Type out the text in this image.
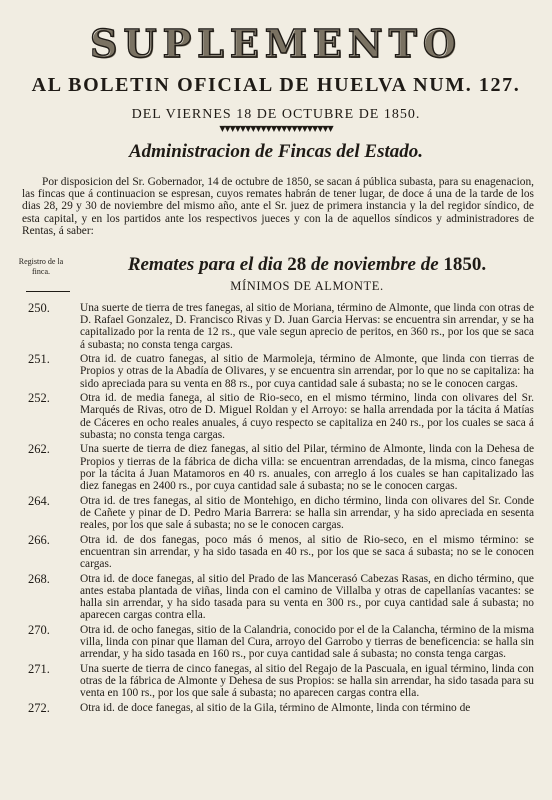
SUPLEMENTO
AL BOLETIN OFICIAL DE HUELVA NUM. 127.
DEL VIERNES 18 DE OCTUBRE DE 1850.
▼▼▼▼▼▼▼▼▼▼▼▼▼▼▼▼▼▼▼▼▼▼
Administracion de Fincas del Estado.
Por disposicion del Sr. Gobernador, 14 de octubre de 1850, se sacan á pública subasta, para su enagenacion, las fincas que á continuacion se espresan, cuyos remates habrán de tener lugar, de doce á una de la tarde de los dias 28, 29 y 30 de noviembre del mismo año, ante el Sr. juez de primera instancia y la del regidor síndico, de esta capital, y en los partidos ante los respectivos jueces y con la de aquellos síndicos y administradores de Rentas, á saber:
Registro de la finca.	Remates para el dia 28 de noviembre de 1850.
MÍNIMOS DE ALMONTE.
250.	Una suerte de tierra de tres fanegas, al sitio de Moriana, término de Almonte, que linda con otras de D. Rafael Gonzalez, D. Francisco Rivas y D. Juan Garcia Hervas: se encuentra sin arrendar, y se ha capitalizado por la renta de 12 rs., que vale segun aprecio de peritos, en 360 rs., por los que se saca á subasta; no consta tenga cargas.
251.	Otra id. de cuatro fanegas, al sitio de Marmoleja, término de Almonte, que linda con tierras de Propios y otras de la Abadía de Olivares, y se encuentra sin arrendar, por lo que no se capitaliza: ha sido apreciada para su venta en 88 rs., por cuya cantidad sale á subasta; no se le conocen cargas.
252.	Otra id. de media fanega, al sitio de Rio-seco, en el mismo término, linda con olivares del Sr. Marqués de Rivas, otro de D. Miguel Roldan y el Arroyo: se halla arrendada por la tácita á Matías de Cáceres en ocho reales anuales, á cuyo respecto se capitaliza en 240 rs., por los cuales se saca á subasta; no consta tenga cargas.
262.	Una suerte de tierra de diez fanegas, al sitio del Pilar, término de Almonte, linda con la Dehesa de Propios y tierras de la fábrica de dicha villa: se encuentran arrendadas, de la misma, cinco fanegas por la tácita á Juan Matamoros en 40 rs. anuales, con arreglo á los cuales se han capitalizado las diez fanegas en 2400 rs., por cuya cantidad sale á subasta; no se le conocen cargas.
264.	Otra id. de tres fanegas, al sitio de Montehigo, en dicho término, linda con olivares del Sr. Conde de Cañete y pinar de D. Pedro Maria Barrera: se halla sin arrendar, y ha sido apreciada en sesenta reales, por los que sale á subasta; no se le conocen cargas.
266.	Otra id. de dos fanegas, poco más ó menos, al sitio de Rio-seco, en el mismo término: se encuentran sin arrendar, y ha sido tasada en 40 rs., por los que se saca á subasta; no se le conocen cargas.
268.	Otra id. de doce fanegas, al sitio del Prado de las Mancerasó Cabezas Rasas, en dicho término, que antes estaba plantada de viñas, linda con el camino de Villalba y otras de capellanías vacantes: se halla sin arrendar, y ha sido tasada para su venta en 300 rs., por cuya cantidad sale á subasta; no aparecen cargas contra ella.
270.	Otra id. de ocho fanegas, sitio de la Calandria, conocido por el de la Calancha, término de la misma villa, linda con pinar que llaman del Cura, arroyo del Garrobo y tierras de beneficencia: se halla sin arrendar, y ha sido tasada en 160 rs., por cuya cantidad sale á subasta; no consta tenga cargas.
271.	Una suerte de tierra de cinco fanegas, al sitio del Regajo de la Pascuala, en igual término, linda con otras de la fábrica de Almonte y Dehesa de sus Propios: se halla sin arrendar, ha sido tasada para su venta en 100 rs., por los que sale á subasta; no aparecen cargas contra ella.
272.	Otra id. de doce fanegas, al sitio de la Gila, término de Almonte, linda con término de
